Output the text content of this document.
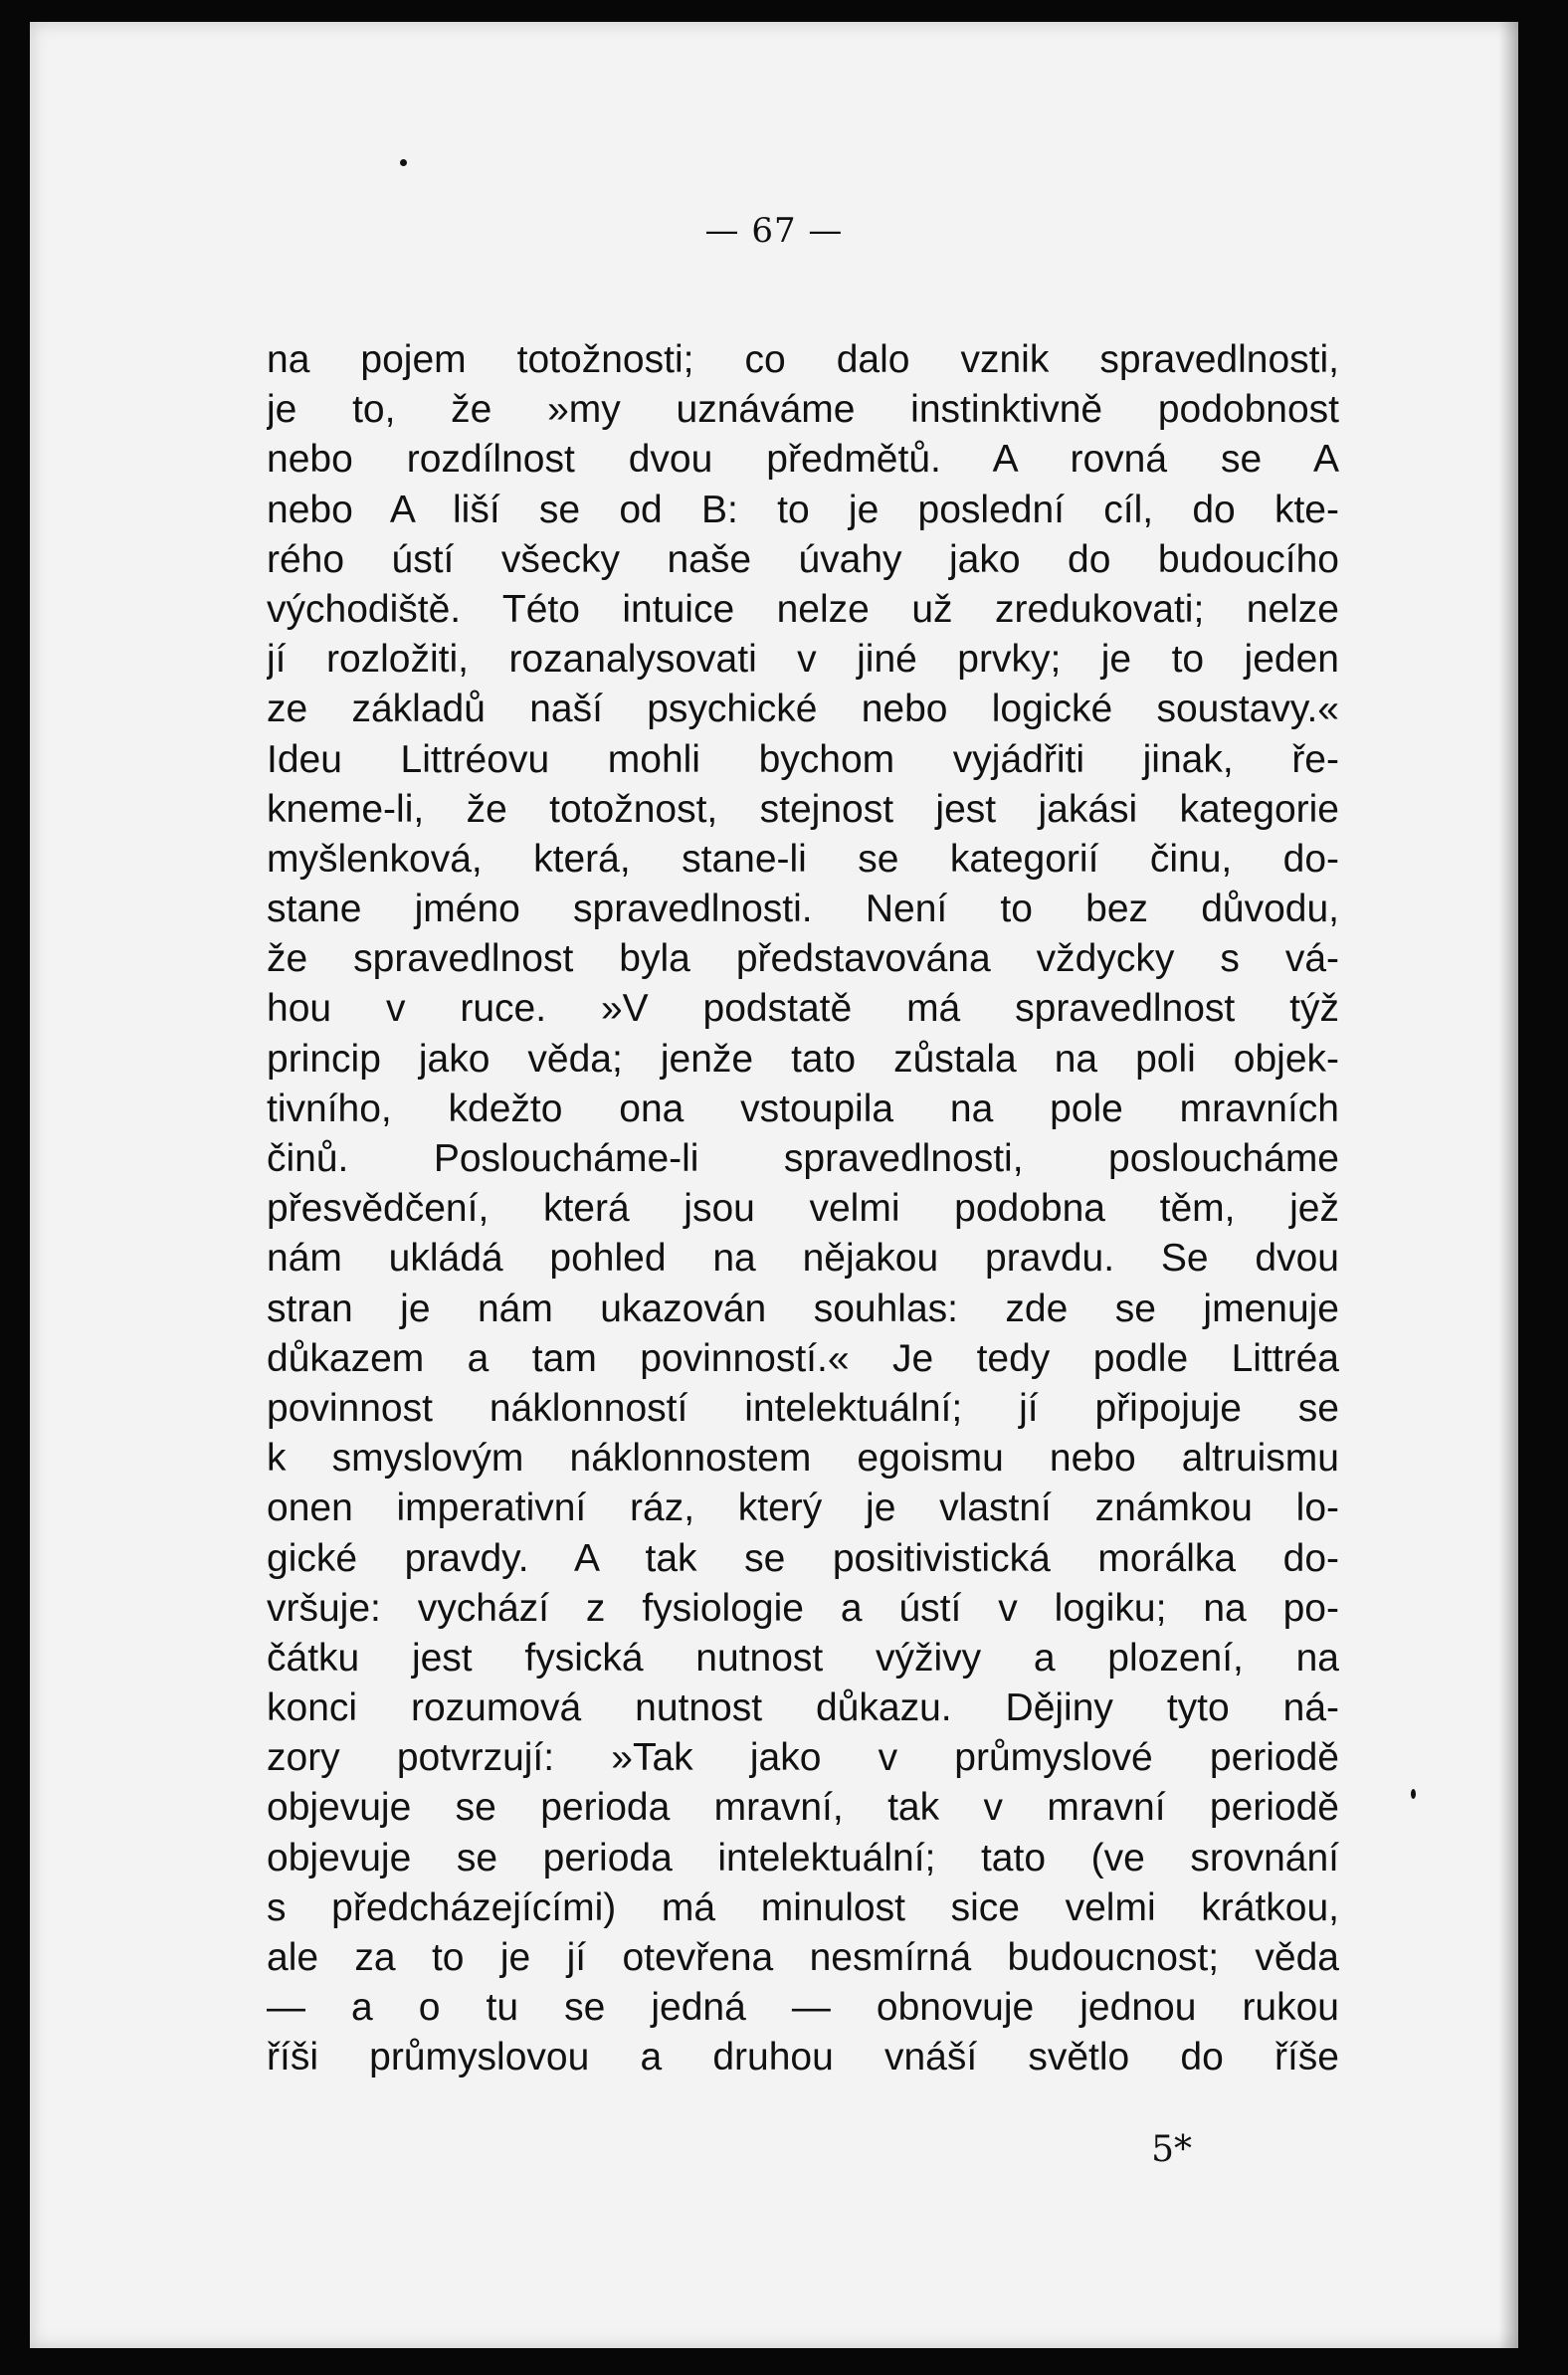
— 67 —
na pojem totožnosti; co dalo vznik spravedlnosti,
je to, že »my uznáváme instinktivně podobnost
nebo rozdílnost dvou předmětů. A rovná se A
nebo A liší se od B: to je poslední cíl, do kte-
rého ústí všecky naše úvahy jako do budoucího
východiště. Této intuice nelze už zredukovati; nelze
jí rozložiti, rozanalysovati v jiné prvky; je to jeden
ze základů naší psychické nebo logické soustavy.«
Ideu Littréovu mohli bychom vyjádřiti jinak, ře-
kneme-li, že totožnost, stejnost jest jakási kategorie
myšlenková, která, stane-li se kategorií činu, do-
stane jméno spravedlnosti. Není to bez důvodu,
že spravedlnost byla představována vždycky s vá-
hou v ruce. »V podstatě má spravedlnost týž
princip jako věda; jenže tato zůstala na poli objek-
tivního, kdežto ona vstoupila na pole mravních
činů. Posloucháme-li spravedlnosti, posloucháme
přesvědčení, která jsou velmi podobna těm, jež
nám ukládá pohled na nějakou pravdu. Se dvou
stran je nám ukazován souhlas: zde se jmenuje
důkazem a tam povinností.« Je tedy podle Littréa
povinnost náklonností intelektuální; jí připojuje se
k smyslovým náklonnostem egoismu nebo altruismu
onen imperativní ráz, který je vlastní známkou lo-
gické pravdy. A tak se positivistická morálka do-
vršuje: vychází z fysiologie a ústí v logiku; na po-
čátku jest fysická nutnost výživy a plození, na
konci rozumová nutnost důkazu. Dějiny tyto ná-
zory potvrzují: »Tak jako v průmyslové periodě
objevuje se perioda mravní, tak v mravní periodě
objevuje se perioda intelektuální; tato (ve srovnání
s předcházejícími) má minulost sice velmi krátkou,
ale za to je jí otevřena nesmírná budoucnost; věda
— a o tu se jedná — obnovuje jednou rukou
říši průmyslovou a druhou vnáší světlo do říše
5*
